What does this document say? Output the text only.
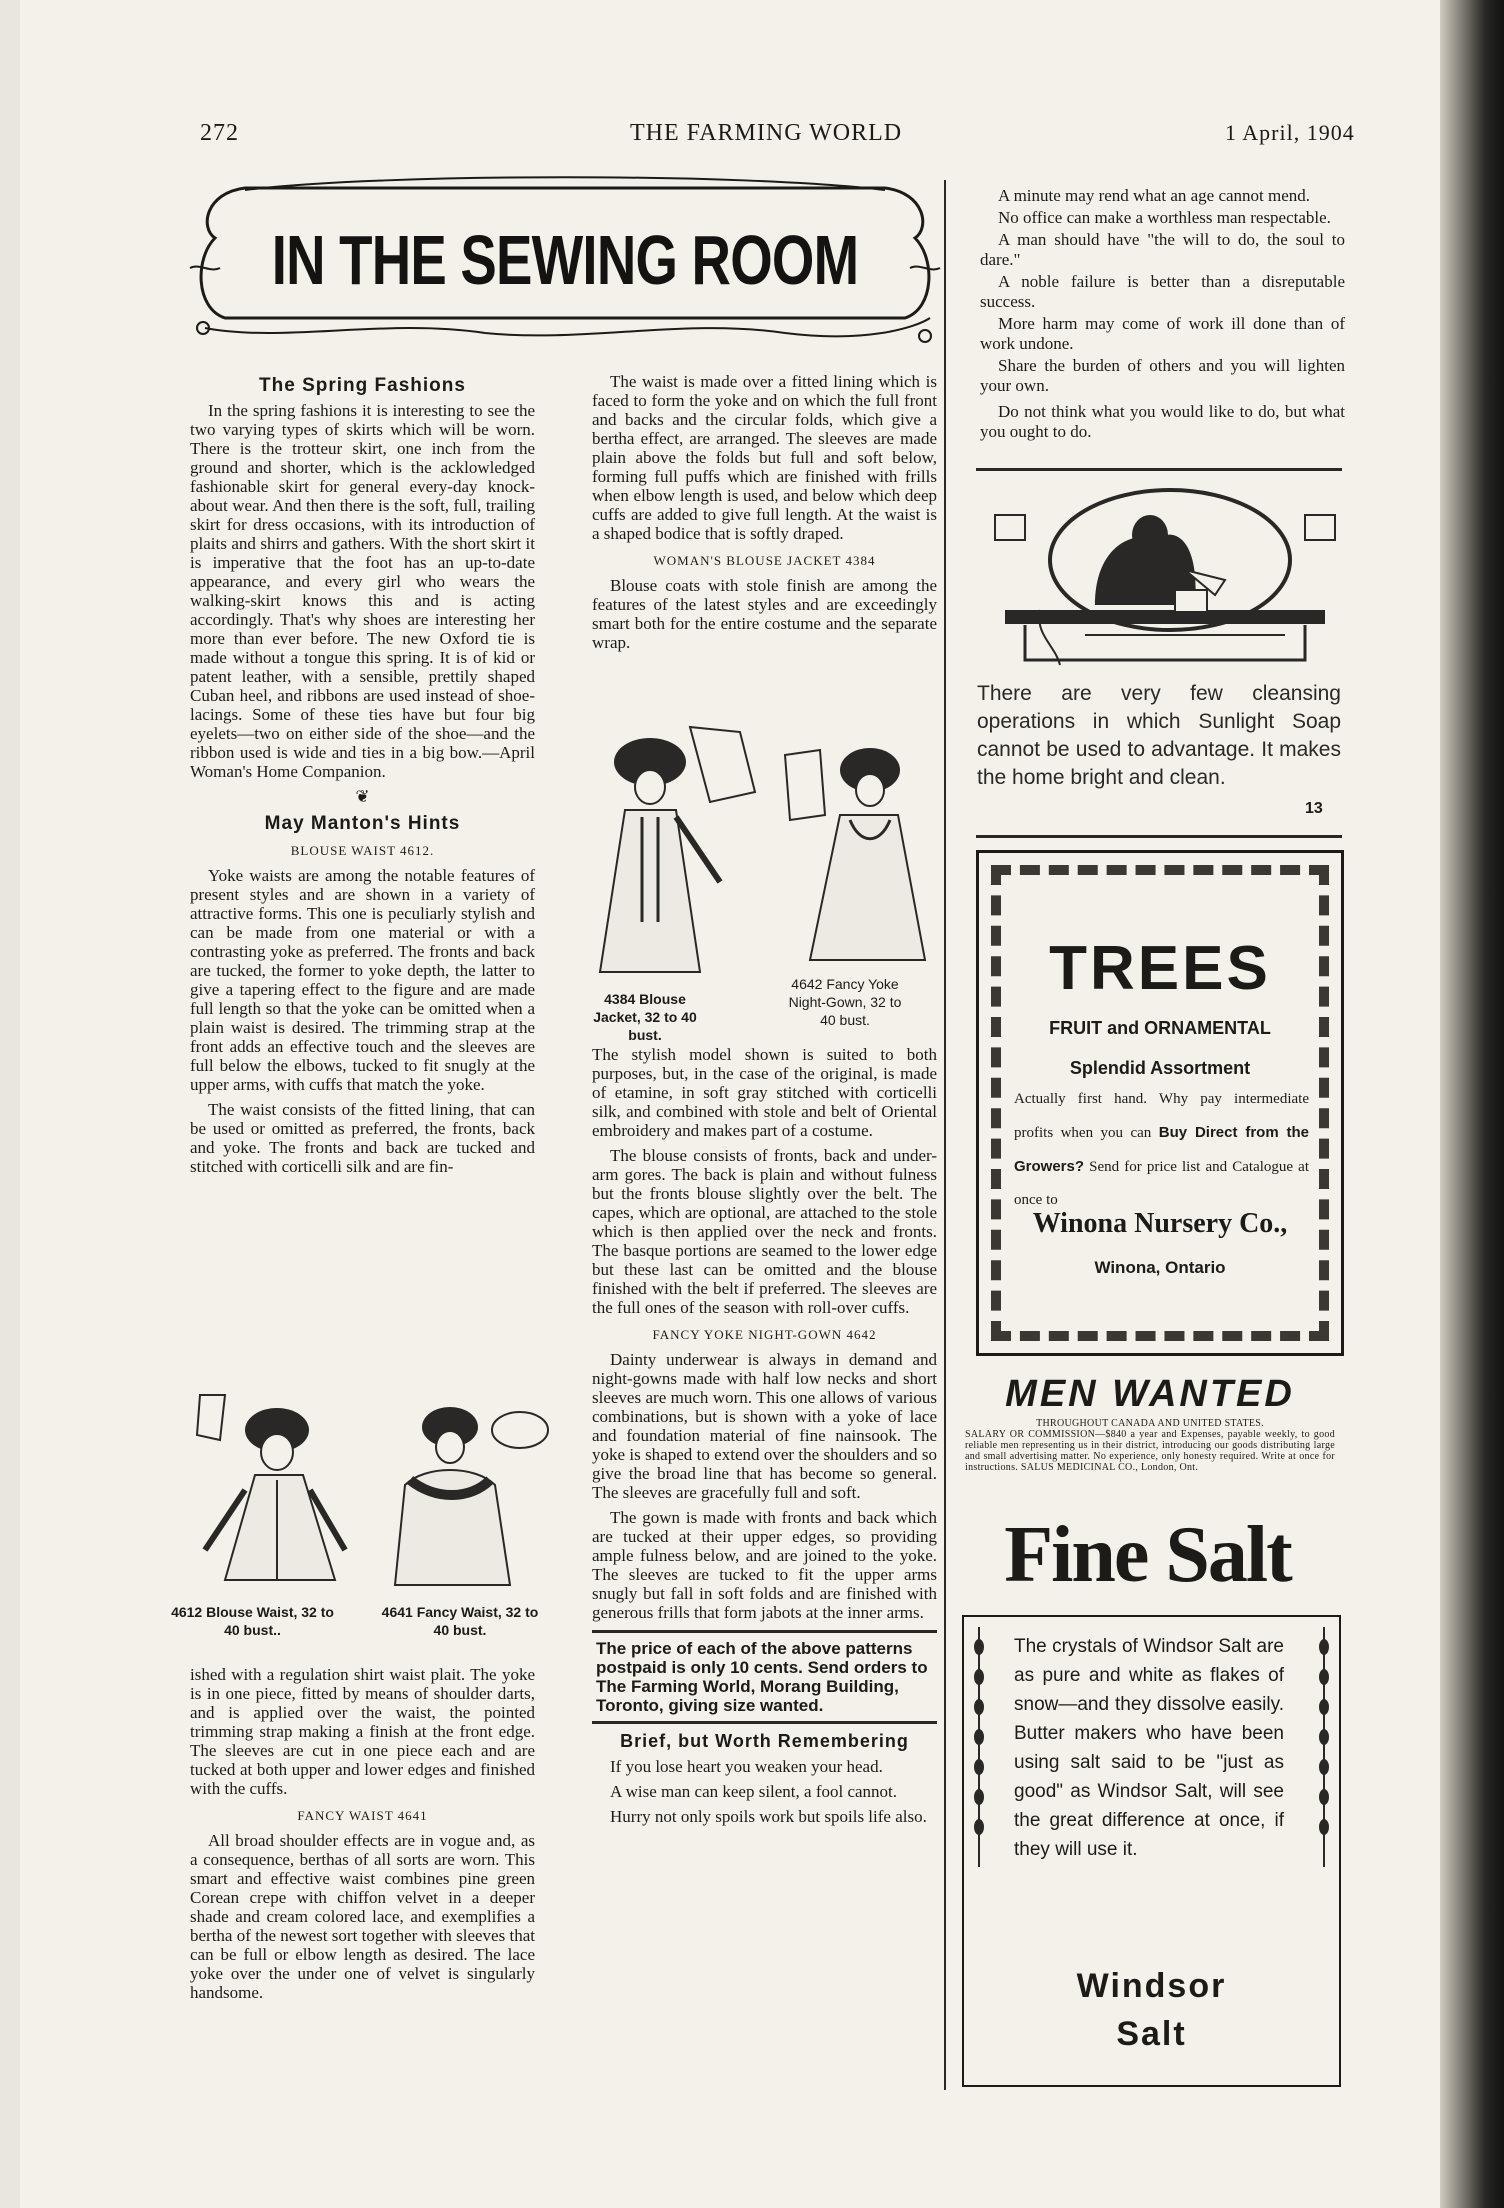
272	THE FARMING WORLD	1 April, 1904
IN THE SEWING ROOM
The Spring Fashions

In the spring fashions it is interesting to see the two varying types of skirts which will be worn. There is the trotteur skirt, one inch from the ground and shorter, which is the acklowledged fashionable skirt for general every-day knock-about wear. And then there is the soft, full, trailing skirt for dress occasions, with its introduction of plaits and shirrs and gathers. With the short skirt it is imperative that the foot has an up-to-date appearance, and every girl who wears the walking-skirt knows this and is acting accordingly. That's why shoes are interesting her more than ever before. The new Oxford tie is made without a tongue this spring. It is of kid or patent leather, with a sensible, prettily shaped Cuban heel, and ribbons are used instead of shoe-lacings. Some of these ties have but four big eyelets—two on either side of the shoe—and the ribbon used is wide and ties in a big bow.—April Woman's Home Companion.

❦
May Manton's Hints
BLOUSE WAIST 4612.

Yoke waists are among the notable features of present styles and are shown in a variety of attractive forms. This one is peculiarly stylish and can be made from one material or with a contrasting yoke as preferred. The fronts and back are tucked, the former to yoke depth, the latter to give a tapering effect to the figure and are made full length so that the yoke can be omitted when a plain waist is desired. The trimming strap at the front adds an effective touch and the sleeves are full below the elbows, tucked to fit snugly at the upper arms, with cuffs that match the yoke.

The waist consists of the fitted lining, that can be used or omitted as preferred, the fronts, back and yoke. The fronts and back are tucked and stitched with corticelli silk and are fin-

4612 Blouse Waist, 32 to 40 bust..
4641 Fancy Waist, 32 to 40 bust.

ished with a regulation shirt waist plait. The yoke is in one piece, fitted by means of shoulder darts, and is applied over the waist, the pointed trimming strap making a finish at the front edge. The sleeves are cut in one piece each and are tucked at both upper and lower edges and finished with the cuffs.

FANCY WAIST 4641

All broad shoulder effects are in vogue and, as a consequence, berthas of all sorts are worn. This smart and effective waist combines pine green Corean crepe with chiffon velvet in a deeper shade and cream colored lace, and exemplifies a bertha of the newest sort together with sleeves that can be full or elbow length as desired. The lace yoke over the under one of velvet is singularly handsome.

The waist is made over a fitted lining which is faced to form the yoke and on which the full front and backs and the circular folds, which give a bertha effect, are arranged. The sleeves are made plain above the folds but full and soft below, forming full puffs which are finished with frills when elbow length is used, and below which deep cuffs are added to give full length. At the waist is a shaped bodice that is softly draped.

WOMAN'S BLOUSE JACKET 4384

Blouse coats with stole finish are among the features of the latest styles and are exceedingly smart both for the entire costume and the separate wrap.

4384 Blouse Jacket, 32 to 40 bust.
4642 Fancy Yoke Night-Gown, 32 to 40 bust.

The stylish model shown is suited to both purposes, but, in the case of the original, is made of etamine, in soft gray stitched with corticelli silk, and combined with stole and belt of Oriental embroidery and makes part of a costume.

The blouse consists of fronts, back and under-arm gores. The back is plain and without fulness but the fronts blouse slightly over the belt. The capes, which are optional, are attached to the stole which is then applied over the neck and fronts. The basque portions are seamed to the lower edge but these last can be omitted and the blouse finished with the belt if preferred. The sleeves are the full ones of the season with roll-over cuffs.

FANCY YOKE NIGHT-GOWN 4642

Dainty underwear is always in demand and night-gowns made with half low necks and short sleeves are much worn. This one allows of various combinations, but is shown with a yoke of lace and foundation material of fine nainsook. The yoke is shaped to extend over the shoulders and so give the broad line that has become so general. The sleeves are gracefully full and soft.

The gown is made with fronts and back which are tucked at their upper edges, so providing ample fulness below, and are joined to the yoke. The sleeves are tucked to fit the upper arms snugly but fall in soft folds and are finished with generous frills that form jabots at the inner arms.

The price of each of the above patterns postpaid is only 10 cents. Send orders to The Farming World, Morang Building, Toronto, giving size wanted.
Brief, but Worth Remembering

If you lose heart you weaken your head.

A wise man can keep silent, a fool cannot.

Hurry not only spoils work but spoils life also.

A minute may rend what an age cannot mend.

No office can make a worthless man respectable.

A man should have "the will to do, the soul to dare."

A noble failure is better than a disreputable success.

More harm may come of work ill done than of work undone.

Share the burden of others and you will lighten your own.

Do not think what you would like to do, but what you ought to do.

There are very few cleansing operations in which Sunlight Soap cannot be used to advantage. It makes the home bright and clean.
13
TREES
FRUIT and ORNAMENTAL
Splendid Assortment
Actually first hand. Why pay intermediate profits when you can Buy Direct from the Growers? Send for price list and Catalogue at once to
Winona Nursery Co.,
Winona, Ontario
MEN WANTED
THROUGHOUT CANADA AND UNITED STATES.
SALARY OR COMMISSION—$840 a year and Expenses, payable weekly, to good reliable men representing us in their district, introducing our goods distributing large and small advertising matter. No experience, only honesty required. Write at once for instructions. SALUS MEDICINAL CO., London, Ont.
Fine Salt
The crystals of Windsor Salt are as pure and white as flakes of snow—and they dissolve easily. Butter makers who have been using salt said to be "just as good" as Windsor Salt, will see the great difference at once, if they will use it.
Windsor
Salt
